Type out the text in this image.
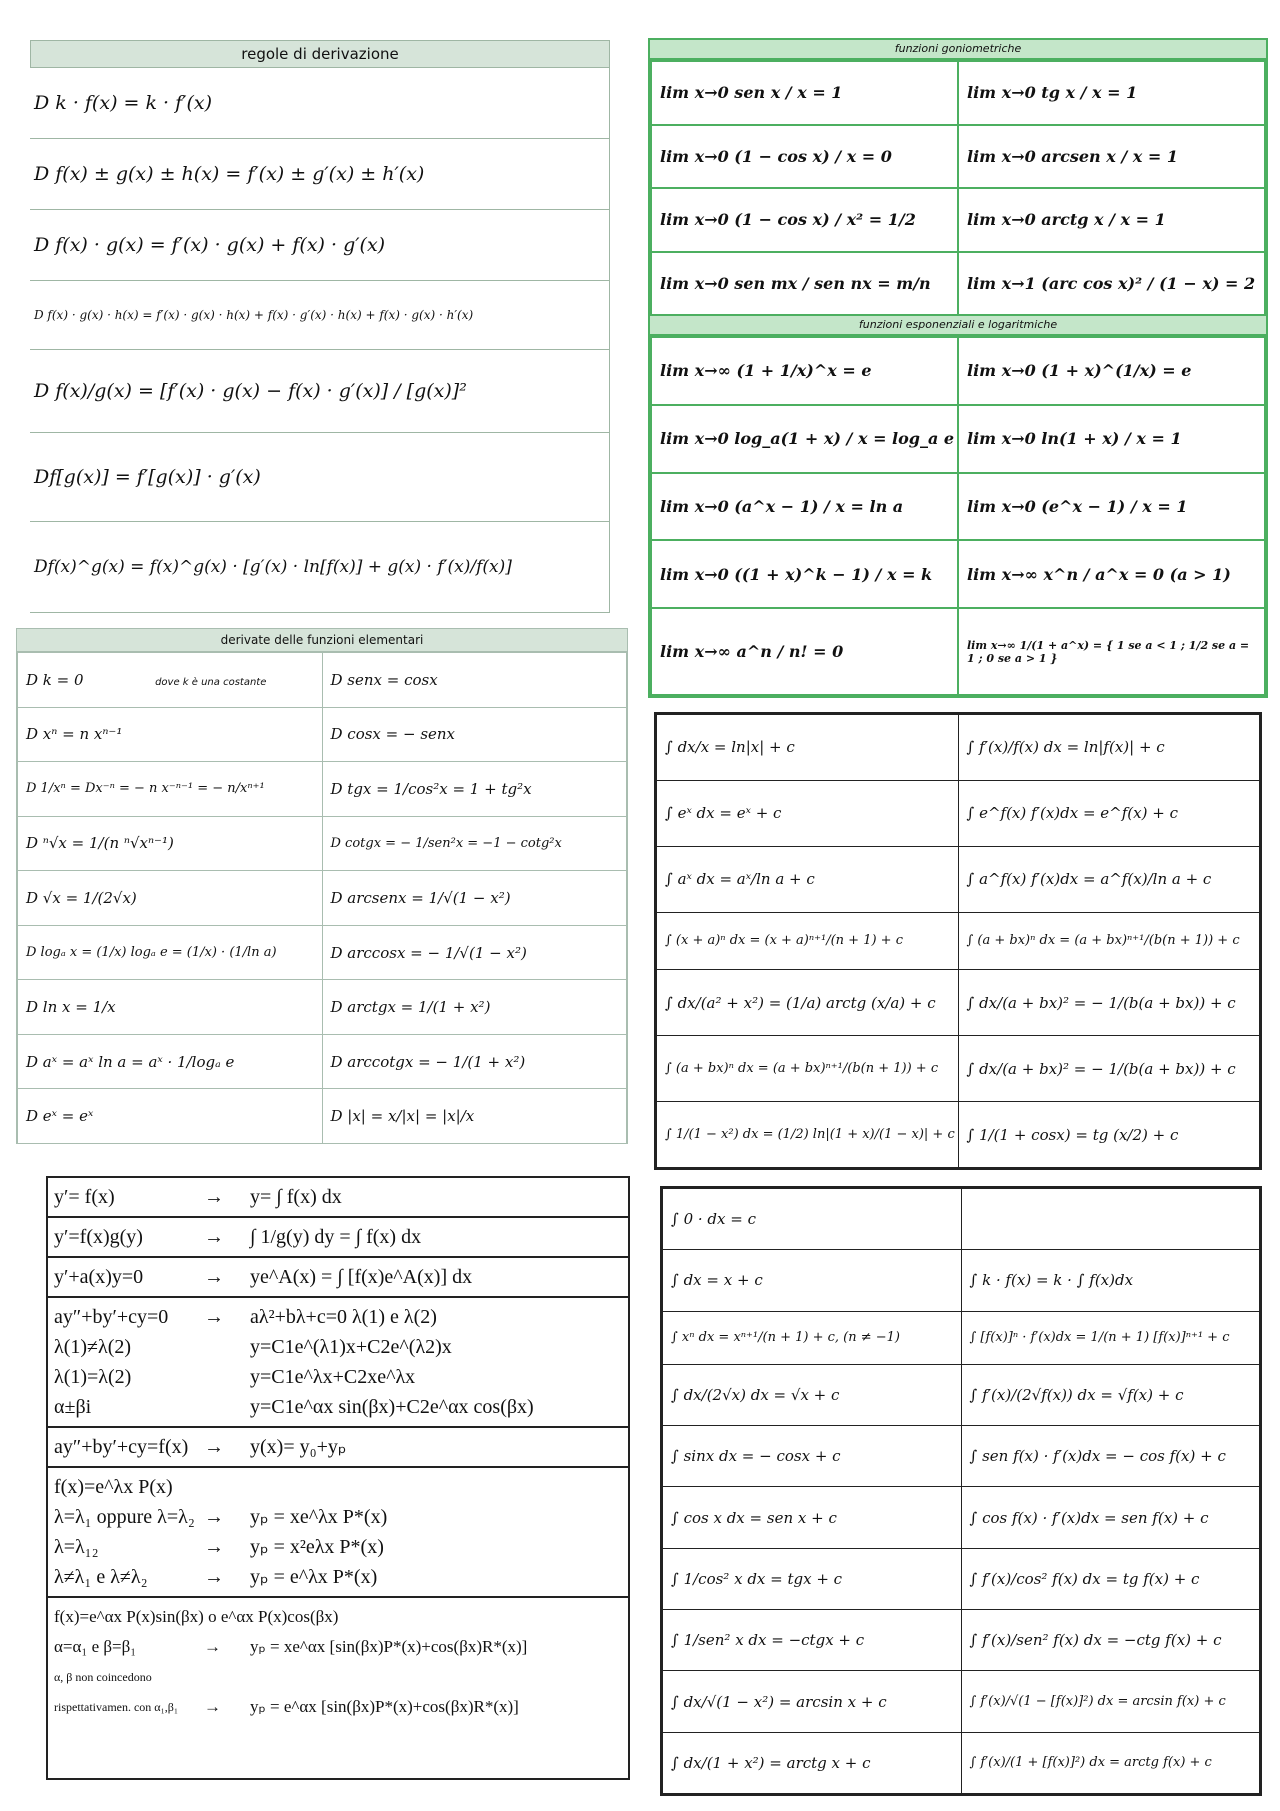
regole di derivazione
D k · f(x) = k · f′(x)
D f(x) ± g(x) ± h(x) = f′(x) ± g′(x) ± h′(x)
D f(x) · g(x) = f′(x) · g(x) + f(x) · g′(x)
D f(x) · g(x) · h(x) = f′(x) · g(x) · h(x) + f(x) · g′(x) · h(x) + f(x) · g(x) · h′(x)
D f(x)/g(x) = [f′(x) · g(x) − f(x) · g′(x)] / [g(x)]²
Df[g(x)] = f′[g(x)] · g′(x)
Df(x)^g(x) = f(x)^g(x) · [g′(x) · ln[f(x)] + g(x) · f′(x)/f(x)]
funzioni goniometriche
lim x→0 sen x / x = 1	lim x→0 tg x / x = 1
lim x→0 (1 − cos x) / x = 0	lim x→0 arcsen x / x = 1
lim x→0 (1 − cos x) / x² = 1/2	lim x→0 arctg x / x = 1
lim x→0 sen mx / sen nx = m/n	lim x→1 (arc cos x)² / (1 − x) = 2
funzioni esponenziali e logaritmiche
lim x→∞ (1 + 1/x)^x = e	lim x→0 (1 + x)^(1/x) = e
lim x→0 log_a(1 + x) / x = log_a e	lim x→0 ln(1 + x) / x = 1
lim x→0 (a^x − 1) / x = ln a	lim x→0 (e^x − 1) / x = 1
lim x→0 ((1 + x)^k − 1) / x = k	lim x→∞ x^n / a^x = 0 (a > 1)
lim x→∞ a^n / n! = 0	lim x→∞ 1/(1 + a^x) = { 1 se a < 1 ; 1/2 se a = 1 ; 0 se a > 1 }
derivate delle funzioni elementari
D k = 0 dove k è una costante	D senx = cosx
D xⁿ = n xⁿ⁻¹	D cosx = − senx
D 1/xⁿ = Dx⁻ⁿ = − n x⁻ⁿ⁻¹ = − n/xⁿ⁺¹	D tgx = 1/cos²x = 1 + tg²x
D ⁿ√x = 1/(n ⁿ√xⁿ⁻¹)	D cotgx = − 1/sen²x = −1 − cotg²x
D √x = 1/(2√x)	D arcsenx = 1/√(1 − x²)
D logₐ x = (1/x) logₐ e = (1/x) · (1/ln a)	D arccosx = − 1/√(1 − x²)
D ln x = 1/x	D arctgx = 1/(1 + x²)
D aˣ = aˣ ln a = aˣ · 1/logₐ e	D arccotgx = − 1/(1 + x²)
D eˣ = eˣ	D |x| = x/|x| = |x|/x
∫ dx/x = ln|x| + c	∫ f′(x)/f(x) dx = ln|f(x)| + c
∫ eˣ dx = eˣ + c	∫ e^f(x) f′(x)dx = e^f(x) + c
∫ aˣ dx = aˣ/ln a + c	∫ a^f(x) f′(x)dx = a^f(x)/ln a + c
∫ (x + a)ⁿ dx = (x + a)ⁿ⁺¹/(n + 1) + c	∫ (a + bx)ⁿ dx = (a + bx)ⁿ⁺¹/(b(n + 1)) + c
∫ dx/(a² + x²) = (1/a) arctg (x/a) + c	∫ dx/(a + bx)² = − 1/(b(a + bx)) + c
∫ (a + bx)ⁿ dx = (a + bx)ⁿ⁺¹/(b(n + 1)) + c	∫ dx/(a + bx)² = − 1/(b(a + bx)) + c
∫ 1/(1 − x²) dx = (1/2) ln|(1 + x)/(1 − x)| + c	∫ 1/(1 + cosx) = tg (x/2) + c
y′= f(x)	→	y= ∫ f(x) dx
y′=f(x)g(y)	→	∫ 1/g(y) dy = ∫ f(x) dx
y′+a(x)y=0	→	ye^A(x) = ∫ [f(x)e^A(x)] dx
ay″+by′+cy=0	→	aλ²+bλ+c=0 λ(1) e λ(2)
λ(1)≠λ(2)	y=C1e^(λ1)x+C2e^(λ2)x
λ(1)=λ(2)	y=C1e^λx+C2xe^λx
α±βi	y=C1e^αx sin(βx)+C2e^αx cos(βx)
ay″+by′+cy=f(x) →	y(x)= y₀+yₚ
f(x)=e^λx P(x)
λ=λ₁ oppure λ=λ₂ →	yₚ = xe^λx P*(x)
λ=λ₁₂	→	yₚ = x²eλx P*(x)
λ≠λ₁ e λ≠λ₂	→	yₚ = e^λx P*(x)
f(x)=e^αx P(x)sin(βx) o e^αx P(x)cos(βx)
α=α₁ e β=β₁	→	yₚ = xe^αx [sin(βx)P*(x)+cos(βx)R*(x)]
α, β non coincedono
rispettativamen. con α₁,β₁	→	yₚ = e^αx [sin(βx)P*(x)+cos(βx)R*(x)]
∫ 0 · dx = c	
∫ dx = x + c	∫ k · f(x) = k · ∫ f(x)dx
∫ xⁿ dx = xⁿ⁺¹/(n + 1) + c, (n ≠ −1)	∫ [f(x)]ⁿ · f′(x)dx = 1/(n + 1) [f(x)]ⁿ⁺¹ + c
∫ dx/(2√x) dx = √x + c	∫ f′(x)/(2√f(x)) dx = √f(x) + c
∫ sinx dx = − cosx + c	∫ sen f(x) · f′(x)dx = − cos f(x) + c
∫ cos x dx = sen x + c	∫ cos f(x) · f′(x)dx = sen f(x) + c
∫ 1/cos² x dx = tgx + c	∫ f′(x)/cos² f(x) dx = tg f(x) + c
∫ 1/sen² x dx = −ctgx + c	∫ f′(x)/sen² f(x) dx = −ctg f(x) + c
∫ dx/√(1 − x²) = arcsin x + c	∫ f′(x)/√(1 − [f(x)]²) dx = arcsin f(x) + c
∫ dx/(1 + x²) = arctg x + c	∫ f′(x)/(1 + [f(x)]²) dx = arctg f(x) + c
